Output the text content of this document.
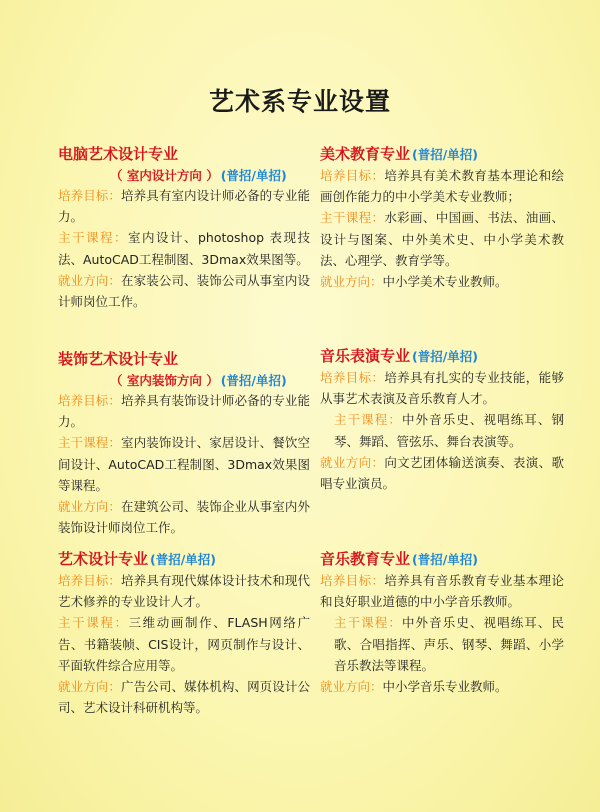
艺术系专业设置
电脑艺术设计专业
（ 室内设计方向 ） (普招/单招)

培养目标：培养具有室内设计师必备的专业能力。

主干课程：室内设计、photoshop 表现技法、AutoCAD工程制图、3Dmax效果图等。

就业方向：在家装公司、装饰公司从事室内设计师岗位工作。

装饰艺术设计专业
（ 室内装饰方向 ） (普招/单招)

培养目标：培养具有装饰设计师必备的专业能力。

主干课程：室内装饰设计、家居设计、餐饮空间设计、AutoCAD工程制图、3Dmax效果图等课程。

就业方向：在建筑公司、装饰企业从事室内外装饰设计师岗位工作。

艺术设计专业 (普招/单招)

培养目标：培养具有现代媒体设计技术和现代艺术修养的专业设计人才。

主干课程：三维动画制作、FLASH网络广告、书籍装帧、CIS设计，网页制作与设计、平面软件综合应用等。

就业方向：广告公司、媒体机构、网页设计公司、艺术设计科研机构等。

美术教育专业 (普招/单招)

培养目标：培养具有美术教育基本理论和绘画创作能力的中小学美术专业教师；

主干课程：水彩画、中国画、书法、油画、设计与图案、中外美术史、中小学美术教法、心理学、教育学等。

就业方向：中小学美术专业教师。

音乐表演专业 (普招/单招)

培养目标：培养具有扎实的专业技能，能够从事艺术表演及音乐教育人才。

主干课程：中外音乐史、视唱练耳、钢琴、舞蹈、管弦乐、舞台表演等。

就业方向：向文艺团体输送演奏、表演、歌唱专业演员。

音乐教育专业 (普招/单招)

培养目标：培养具有音乐教育专业基本理论和良好职业道德的中小学音乐教师。

主干课程：中外音乐史、视唱练耳、民歌、合唱指挥、声乐、钢琴、舞蹈、小学音乐教法等课程。

就业方向：中小学音乐专业教师。
